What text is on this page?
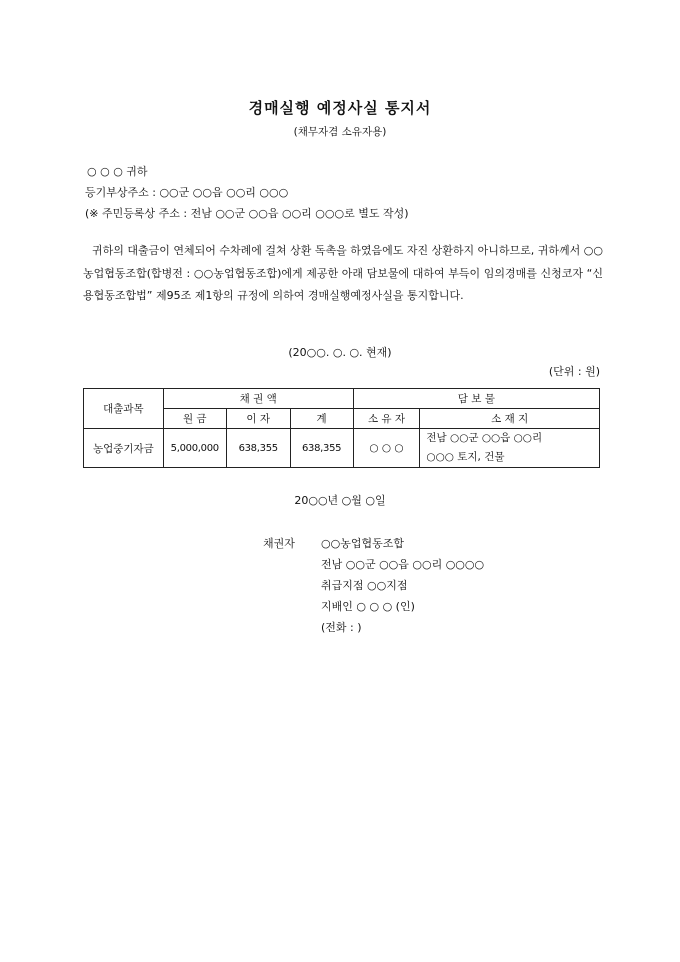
경매실행 예정사실 통지서
(채무자겸 소유자용)
○ ○ ○ 귀하
등기부상주소 : ○○군 ○○읍 ○○리 ○○○
(※ 주민등록상 주소 : 전남 ○○군 ○○읍 ○○리 ○○○로 별도 작성)

귀하의 대출금이 연체되어 수차례에 걸쳐 상환 독촉을 하였음에도 자진 상환하지 아니하므로, 귀하께서 ○○농업협동조합(합병전 : ○○농업협동조합)에게 제공한 아래 담보물에 대하여 부득이 임의경매를 신청코자 “신용협동조합법” 제95조 제1항의 규정에 의하여 경매실행예정사실을 통지합니다.

(20○○. ○. ○. 현재)
(단위 : 원)
대출과목	채 권 액			담 보 물	
	원 금	이 자	계	소 유 자	소 재 지
농업중기자금	5,000,000	638,355	638,355	○ ○ ○	전남 ○○군 ○○읍 ○○리
○○○ 토지, 건물
20○○년 ○월 ○일
채권자 ○○농업협동조합
전남 ○○군 ○○읍 ○○리 ○○○○
취급지점 ○○지점
지배인 ○ ○ ○ (인)
(전화 : )
